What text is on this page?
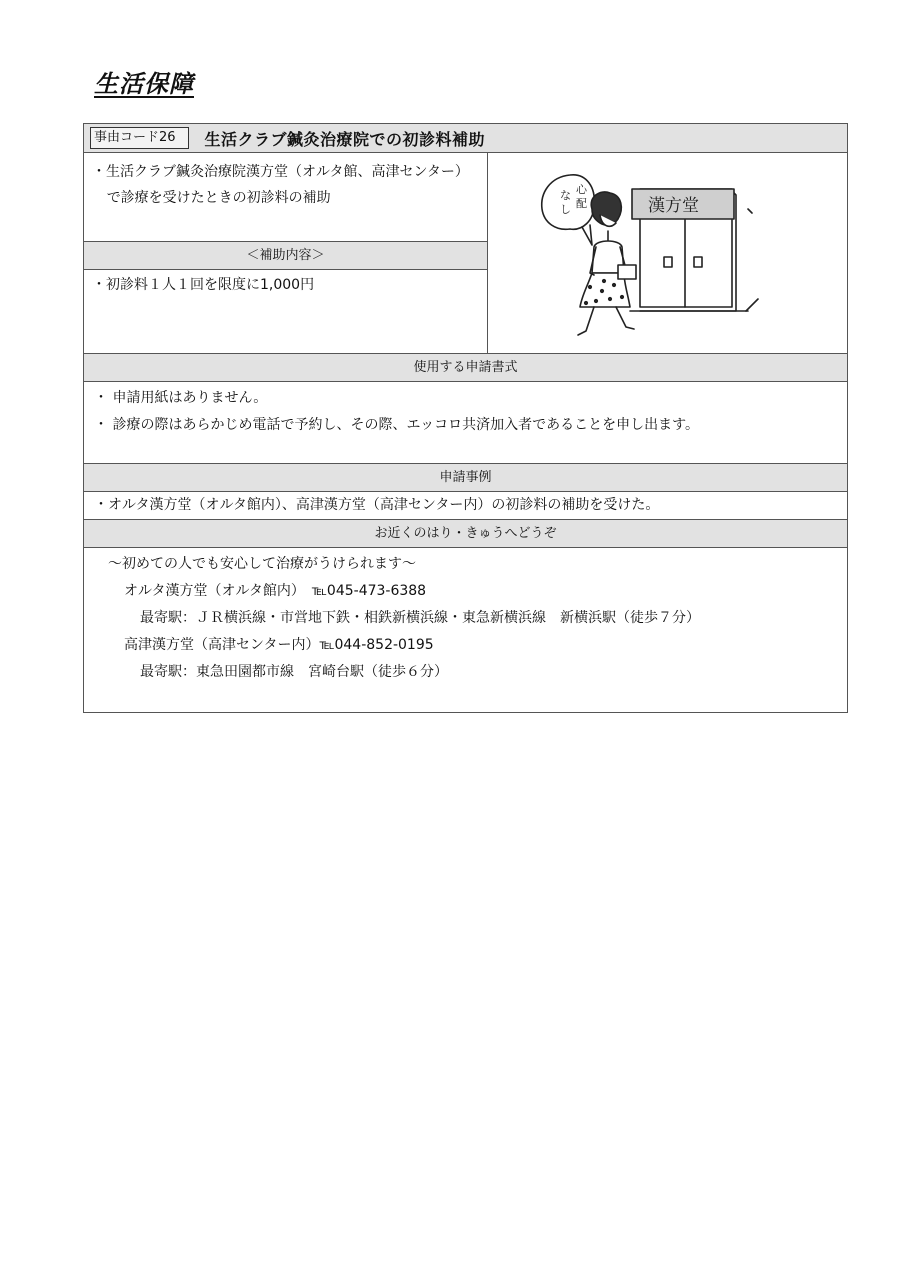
生活保障
事由コード26	生活クラブ鍼灸治療院での初診料補助
・生活クラブ鍼灸治療院漢方堂（オルタ館、高津センター）で診療を受けたときの初診料の補助
＜補助内容＞
・初診料１人１回を限度に1,000円
心
配
な
し	漢方堂
使用する申請書式
・ 申請用紙はありません。
・ 診療の際はあらかじめ電話で予約し、その際、エッコロ共済加入者であることを申し出ます。
申請事例
・オルタ漢方堂（オルタ館内）、高津漢方堂（高津センター内）の初診料の補助を受けた。
お近くのはり・きゅうへどうぞ
～初めての人でも安心して治療がうけられます～
オルタ漢方堂（オルタ館内）　℡045-473-6388
最寄駅：ＪＲ横浜線・市営地下鉄・相鉄新横浜線・東急新横浜線　新横浜駅（徒歩７分）
高津漢方堂（高津センター内）℡044-852-0195
最寄駅：東急田園都市線　宮崎台駅（徒歩６分）
